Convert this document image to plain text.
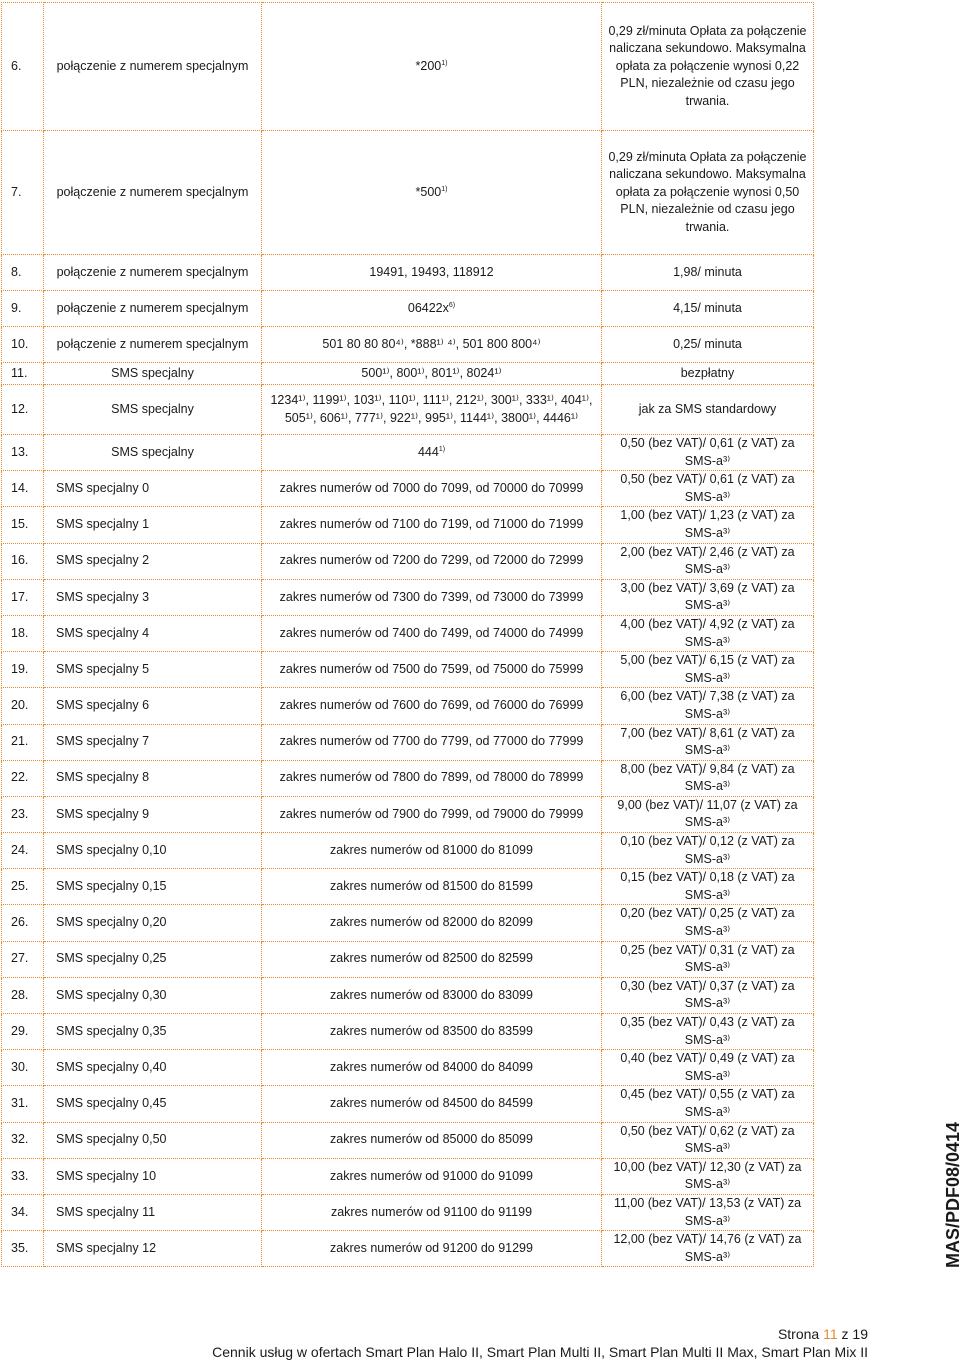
6.	połączenie z numerem specjalnym	*200$^{1)}$	0,29 zł/minuta Opłata za połączenie naliczana sekundowo. Maksymalna opłata za połączenie wynosi 0,22 PLN, niezależnie od czasu jego trwania.
7.	połączenie z numerem specjalnym	*500$^{1)}$	0,29 zł/minuta Opłata za połączenie naliczana sekundowo. Maksymalna opłata za połączenie wynosi 0,50 PLN, niezależnie od czasu jego trwania.
8.	połączenie z numerem specjalnym	19491, 19493, 118912	1,98/ minuta
9.	połączenie z numerem specjalnym	$06422x^{6)}$	4,15/ minuta
10.	połączenie z numerem specjalnym	501 80 80 80⁴⁾, *888¹⁾ ⁴⁾, 501 800 800⁴⁾	0,25/ minuta
11.	SMS specjalny	500¹⁾, 800¹⁾, 801¹⁾, 8024¹⁾	bezpłatny
12.	SMS specjalny	1234¹⁾, 1199¹⁾, 103¹⁾, 110¹⁾, 111¹⁾, 212¹⁾, 300¹⁾, 333¹⁾, 404¹⁾, 505¹⁾, 606¹⁾, 777¹⁾, 922¹⁾, 995¹⁾, 1144¹⁾, 3800¹⁾, 4446¹⁾	jak za SMS standardowy
13.	SMS specjalny	444$^{1)}$	0,50 (bez VAT)/ 0,61 (z VAT) za SMS-a³⁾
14.	SMS specjalny 0	zakres numerów od 7000 do 7099, od 70000 do 70999	0,50 (bez VAT)/ 0,61 (z VAT) za SMS-a³⁾
15.	SMS specjalny 1	zakres numerów od 7100 do 7199, od 71000 do 71999	1,00 (bez VAT)/ 1,23 (z VAT) za SMS-a³⁾
16.	SMS specjalny 2	zakres numerów od 7200 do 7299, od 72000 do 72999	2,00 (bez VAT)/ 2,46 (z VAT) za SMS-a³⁾
17.	SMS specjalny 3	zakres numerów od 7300 do 7399, od 73000 do 73999	3,00 (bez VAT)/ 3,69 (z VAT) za SMS-a³⁾
18.	SMS specjalny 4	zakres numerów od 7400 do 7499, od 74000 do 74999	4,00 (bez VAT)/ 4,92 (z VAT) za SMS-a³⁾
19.	SMS specjalny 5	zakres numerów od 7500 do 7599, od 75000 do 75999	5,00 (bez VAT)/ 6,15 (z VAT) za SMS-a³⁾
20.	SMS specjalny 6	zakres numerów od 7600 do 7699, od 76000 do 76999	6,00 (bez VAT)/ 7,38 (z VAT) za SMS-a³⁾
21.	SMS specjalny 7	zakres numerów od 7700 do 7799, od 77000 do 77999	7,00 (bez VAT)/ 8,61 (z VAT) za SMS-a³⁾
22.	SMS specjalny 8	zakres numerów od 7800 do 7899, od 78000 do 78999	8,00 (bez VAT)/ 9,84 (z VAT) za SMS-a³⁾
23.	SMS specjalny 9	zakres numerów od 7900 do 7999, od 79000 do 79999	9,00 (bez VAT)/ 11,07 (z VAT) za SMS-a³⁾
24.	SMS specjalny 0,10	zakres numerów od 81000 do 81099	0,10 (bez VAT)/ 0,12 (z VAT) za SMS-a³⁾
25.	SMS specjalny 0,15	zakres numerów od 81500 do 81599	0,15 (bez VAT)/ 0,18 (z VAT) za SMS-a³⁾
26.	SMS specjalny 0,20	zakres numerów od 82000 do 82099	0,20 (bez VAT)/ 0,25 (z VAT) za SMS-a³⁾
27.	SMS specjalny 0,25	zakres numerów od 82500 do 82599	0,25 (bez VAT)/ 0,31 (z VAT) za SMS-a³⁾
28.	SMS specjalny 0,30	zakres numerów od 83000 do 83099	0,30 (bez VAT)/ 0,37 (z VAT) za SMS-a³⁾
29.	SMS specjalny 0,35	zakres numerów od 83500 do 83599	0,35 (bez VAT)/ 0,43 (z VAT) za SMS-a³⁾
30.	SMS specjalny 0,40	zakres numerów od 84000 do 84099	0,40 (bez VAT)/ 0,49 (z VAT) za SMS-a³⁾
31.	SMS specjalny 0,45	zakres numerów od 84500 do 84599	0,45 (bez VAT)/ 0,55 (z VAT) za SMS-a³⁾
32.	SMS specjalny 0,50	zakres numerów od 85000 do 85099	0,50 (bez VAT)/ 0,62 (z VAT) za SMS-a³⁾
33.	SMS specjalny 10	zakres numerów od 91000 do 91099	10,00 (bez VAT)/ 12,30 (z VAT) za SMS-a³⁾
34.	SMS specjalny 11	zakres numerów od 91100 do 91199	11,00 (bez VAT)/ 13,53 (z VAT) za SMS-a³⁾
35.	SMS specjalny 12	zakres numerów od 91200 do 91299	12,00 (bez VAT)/ 14,76 (z VAT) za SMS-a³⁾	MAS/PDF08/0414
Strona 11 z 19
Cennik usług w ofertach Smart Plan Halo II, Smart Plan Multi II, Smart Plan Multi II Max, Smart Plan Mix II
